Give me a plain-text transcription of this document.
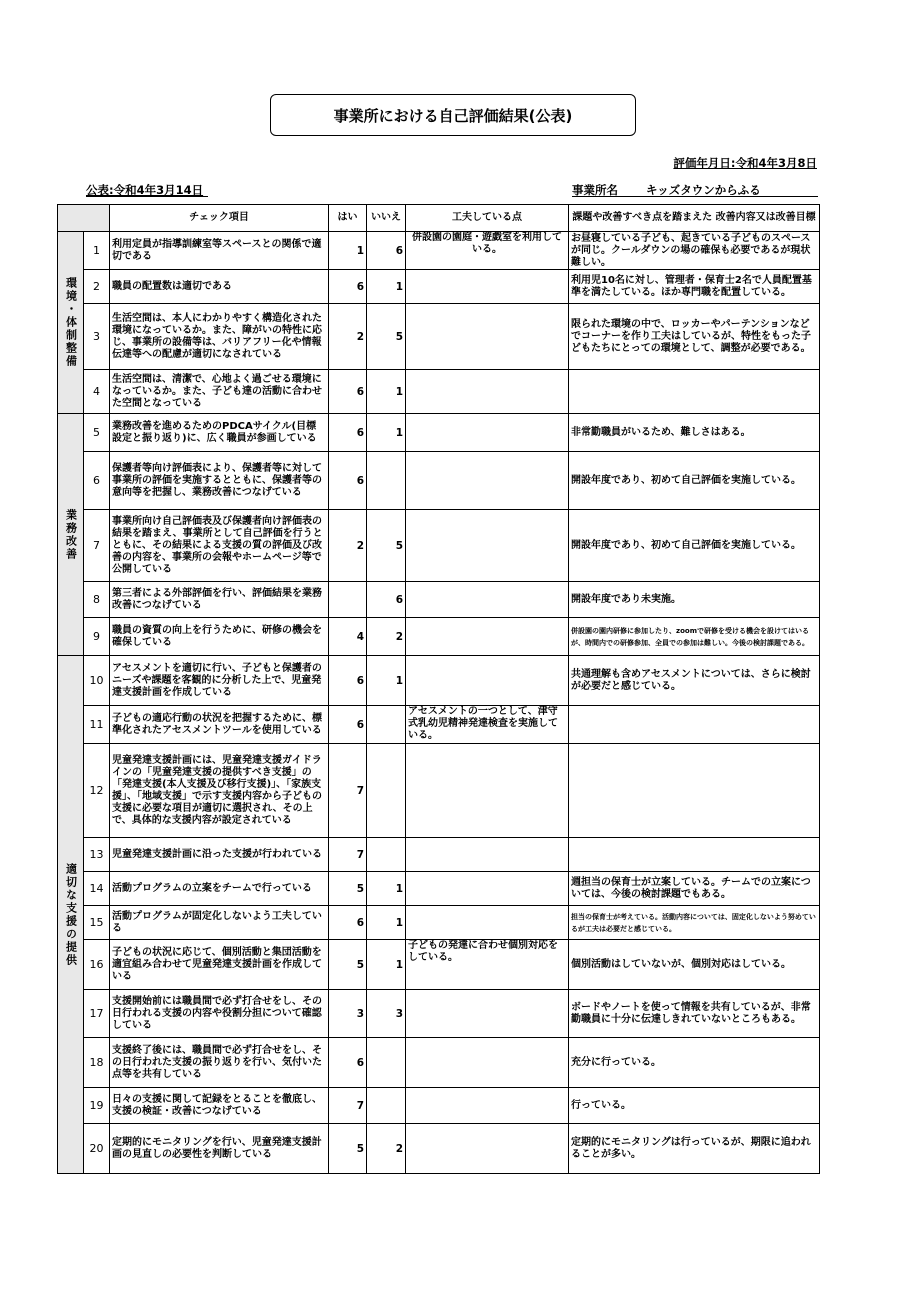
事業所における自己評価結果(公表)
評価年月日:令和4年3月8日
公表:令和4年3月14日	事業所名 キッズタウンからふる
		チェック項目	はい	いいえ	工夫している点	課題や改善すべき点を踏まえた 改善内容又は改善目標
環境・体制整備	1	利用定員が指導訓練室等スペースとの関係で適切である	1	6	併設園の園庭・遊戯室を利用している。	お昼寝している子ども、起きている子どものスペースが同じ。クールダウンの場の確保も必要であるが現状難しい。
	2	職員の配置数は適切である	6	1		利用児10名に対し、管理者・保育士2名で人員配置基準を満たしている。ほか専門職を配置している。
	3	生活空間は、本人にわかりやすく構造化された環境になっているか。また、障がいの特性に応じ、事業所の設備等は、バリアフリー化や情報伝達等への配慮が適切になされている	2	5		限られた環境の中で、ロッカーやパーテンションなどでコーナーを作り工夫はしているが、特性をもった子どもたちにとっての環境として、調整が必要である。
	4	生活空間は、清潔で、心地よく過ごせる環境になっているか。また、子ども達の活動に合わせた空間となっている	6	1		
業務改善	5	業務改善を進めるためのPDCAサイクル(目標設定と振り返り)に、広く職員が参画している	6	1		非常勤職員がいるため、難しさはある。
	6	保護者等向け評価表により、保護者等に対して事業所の評価を実施するとともに、保護者等の意向等を把握し、業務改善につなげている	6			開設年度であり、初めて自己評価を実施している。
	7	事業所向け自己評価表及び保護者向け評価表の結果を踏まえ、事業所として自己評価を行うとともに、その結果による支援の質の評価及び改善の内容を、事業所の会報やホームページ等で公開している	2	5		開設年度であり、初めて自己評価を実施している。
	8	第三者による外部評価を行い、評価結果を業務改善につなげている		6		開設年度であり未実施。
	9	職員の資質の向上を行うために、研修の機会を確保している	4	2		併設園の園内研修に参加したり、zoomで研修を受ける機会を設けてはいるが、時間内での研修参加、全員での参加は難しい。今後の検討課題である。
適切な支援の提供	10	アセスメントを適切に行い、子どもと保護者のニーズや課題を客観的に分析した上で、児童発達支援計画を作成している	6	1		共通理解も含めアセスメントについては、さらに検討が必要だと感じている。
	11	子どもの適応行動の状況を把握するために、標準化されたアセスメントツールを使用している	6		アセスメントの一つとして、津守式乳幼児精神発達検査を実施している。	
	12	児童発達支援計画には、児童発達支援ガイドラインの「児童発達支援の提供すべき支援」の「発達支援(本人支援及び移行支援)」、「家族支援」、「地域支援」で示す支援内容から子どもの支援に必要な項目が適切に選択され、その上で、具体的な支援内容が設定されている	7			
	13	児童発達支援計画に沿った支援が行われている	7			
	14	活動プログラムの立案をチームで行っている	5	1		週担当の保育士が立案している。チームでの立案については、今後の検討課題でもある。
	15	活動プログラムが固定化しないよう工夫している	6	1		担当の保育士が考えている。活動内容については、固定化しないよう努めているが工夫は必要だと感じている。
	16	子どもの状況に応じて、個別活動と集団活動を適宜組み合わせて児童発達支援計画を作成している	5	1	子どもの発達に合わせ個別対応をしている。	個別活動はしていないが、個別対応はしている。
	17	支援開始前には職員間で必ず打合せをし、その日行われる支援の内容や役割分担について確認している	3	3		ボードやノートを使って情報を共有しているが、非常勤職員に十分に伝達しきれていないところもある。
	18	支援終了後には、職員間で必ず打合せをし、その日行われた支援の振り返りを行い、気付いた点等を共有している	6			充分に行っている。
	19	日々の支援に関して記録をとることを徹底し、支援の検証・改善につなげている	7			行っている。
	20	定期的にモニタリングを行い、児童発達支援計画の見直しの必要性を判断している	5	2		定期的にモニタリングは行っているが、期限に追われることが多い。
